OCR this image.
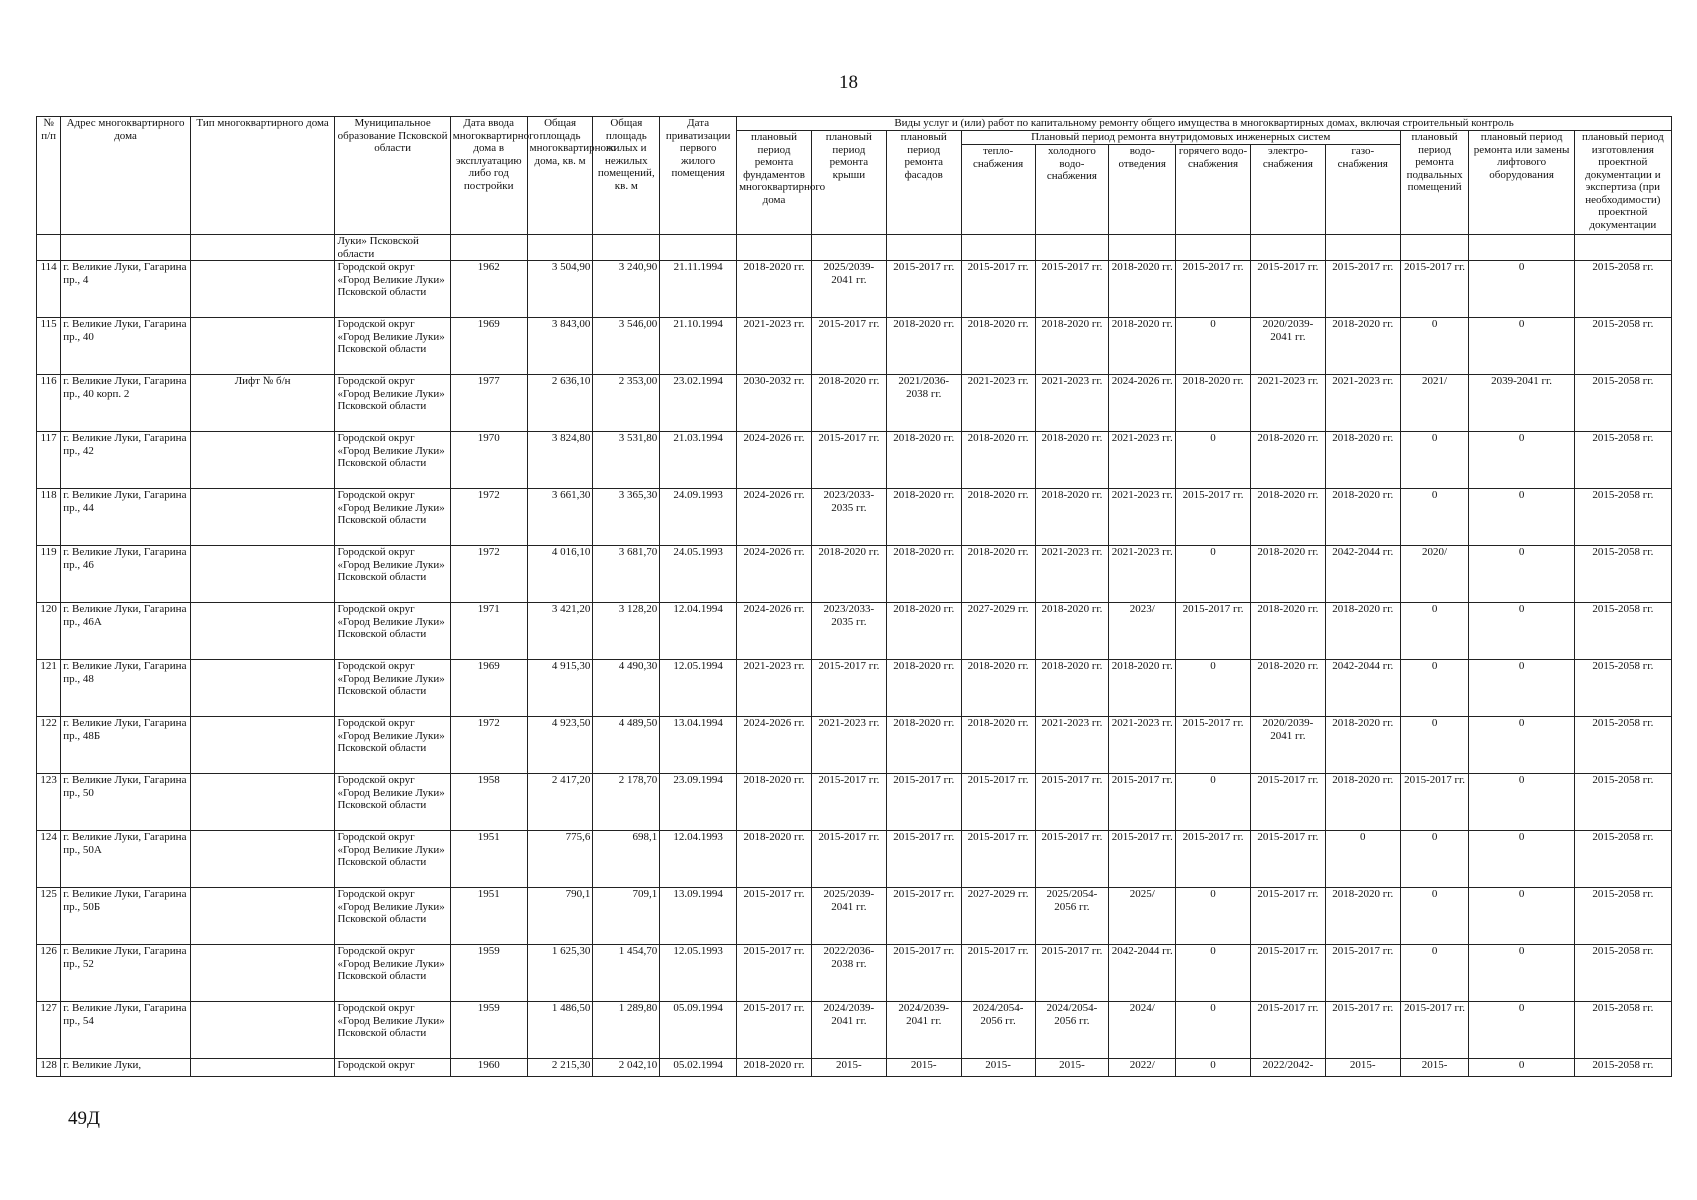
18
№ п/п	Адрес многоквартирного дома	Тип многоквартирного дома	Муниципальное образование Псковской области	Дата ввода многоквартирного дома в эксплуатацию либо год постройки	Общая площадь многоквартирного дома, кв. м	Общая площадь жилых и нежилых помещений, кв. м	Дата приватизации первого жилого помещения	Виды услуг и (или) работ по капитальному ремонту общего имущества в многоквартирных домах, включая строительный контроль											
								плановый период ремонта фундаментов многоквартирного дома	плановый период ремонта крыши	плановый период ремонта фасадов	Плановый период ремонта внутридомовых инженерных систем						плановый период ремонта подвальных помещений	плановый период ремонта или замены лифтового оборудования	плановый период изготовления проектной документации и экспертиза (при необходимости) проектной документации
											тепло-снабжения	холодного водо-снабжения	водо-отведения	горячего водо-снабжения	электро-снабжения	газо-снабжения			
			Луки» Псковской области																
114	г. Великие Луки, Гагарина пр., 4		Городской округ «Город Великие Луки» Псковской области	1962	3 504,90	3 240,90	21.11.1994	2018-2020 гг.	2025/2039-2041 гг.	2015-2017 гг.	2015-2017 гг.	2015-2017 гг.	2018-2020 гг.	2015-2017 гг.	2015-2017 гг.	2015-2017 гг.	2015-2017 гг.	0	2015-2058 гг.
115	г. Великие Луки, Гагарина пр., 40		Городской округ «Город Великие Луки» Псковской области	1969	3 843,00	3 546,00	21.10.1994	2021-2023 гг.	2015-2017 гг.	2018-2020 гг.	2018-2020 гг.	2018-2020 гг.	2018-2020 гг.	0	2020/2039-2041 гг.	2018-2020 гг.	0	0	2015-2058 гг.
116	г. Великие Луки, Гагарина пр., 40 корп. 2	Лифт № б/н	Городской округ «Город Великие Луки» Псковской области	1977	2 636,10	2 353,00	23.02.1994	2030-2032 гг.	2018-2020 гг.	2021/2036-2038 гг.	2021-2023 гг.	2021-2023 гг.	2024-2026 гг.	2018-2020 гг.	2021-2023 гг.	2021-2023 гг.	2021/	2039-2041 гг.	2015-2058 гг.
117	г. Великие Луки, Гагарина пр., 42		Городской округ «Город Великие Луки» Псковской области	1970	3 824,80	3 531,80	21.03.1994	2024-2026 гг.	2015-2017 гг.	2018-2020 гг.	2018-2020 гг.	2018-2020 гг.	2021-2023 гг.	0	2018-2020 гг.	2018-2020 гг.	0	0	2015-2058 гг.
118	г. Великие Луки, Гагарина пр., 44		Городской округ «Город Великие Луки» Псковской области	1972	3 661,30	3 365,30	24.09.1993	2024-2026 гг.	2023/2033-2035 гг.	2018-2020 гг.	2018-2020 гг.	2018-2020 гг.	2021-2023 гг.	2015-2017 гг.	2018-2020 гг.	2018-2020 гг.	0	0	2015-2058 гг.
119	г. Великие Луки, Гагарина пр., 46		Городской округ «Город Великие Луки» Псковской области	1972	4 016,10	3 681,70	24.05.1993	2024-2026 гг.	2018-2020 гг.	2018-2020 гг.	2018-2020 гг.	2021-2023 гг.	2021-2023 гг.	0	2018-2020 гг.	2042-2044 гг.	2020/	0	2015-2058 гг.
120	г. Великие Луки, Гагарина пр., 46А		Городской округ «Город Великие Луки» Псковской области	1971	3 421,20	3 128,20	12.04.1994	2024-2026 гг.	2023/2033-2035 гг.	2018-2020 гг.	2027-2029 гг.	2018-2020 гг.	2023/	2015-2017 гг.	2018-2020 гг.	2018-2020 гг.	0	0	2015-2058 гг.
121	г. Великие Луки, Гагарина пр., 48		Городской округ «Город Великие Луки» Псковской области	1969	4 915,30	4 490,30	12.05.1994	2021-2023 гг.	2015-2017 гг.	2018-2020 гг.	2018-2020 гг.	2018-2020 гг.	2018-2020 гг.	0	2018-2020 гг.	2042-2044 гг.	0	0	2015-2058 гг.
122	г. Великие Луки, Гагарина пр., 48Б		Городской округ «Город Великие Луки» Псковской области	1972	4 923,50	4 489,50	13.04.1994	2024-2026 гг.	2021-2023 гг.	2018-2020 гг.	2018-2020 гг.	2021-2023 гг.	2021-2023 гг.	2015-2017 гг.	2020/2039-2041 гг.	2018-2020 гг.	0	0	2015-2058 гг.
123	г. Великие Луки, Гагарина пр., 50		Городской округ «Город Великие Луки» Псковской области	1958	2 417,20	2 178,70	23.09.1994	2018-2020 гг.	2015-2017 гг.	2015-2017 гг.	2015-2017 гг.	2015-2017 гг.	2015-2017 гг.	0	2015-2017 гг.	2018-2020 гг.	2015-2017 гг.	0	2015-2058 гг.
124	г. Великие Луки, Гагарина пр., 50А		Городской округ «Город Великие Луки» Псковской области	1951	775,6	698,1	12.04.1993	2018-2020 гг.	2015-2017 гг.	2015-2017 гг.	2015-2017 гг.	2015-2017 гг.	2015-2017 гг.	2015-2017 гг.	2015-2017 гг.	0	0	0	2015-2058 гг.
125	г. Великие Луки, Гагарина пр., 50Б		Городской округ «Город Великие Луки» Псковской области	1951	790,1	709,1	13.09.1994	2015-2017 гг.	2025/2039-2041 гг.	2015-2017 гг.	2027-2029 гг.	2025/2054-2056 гг.	2025/	0	2015-2017 гг.	2018-2020 гг.	0	0	2015-2058 гг.
126	г. Великие Луки, Гагарина пр., 52		Городской округ «Город Великие Луки» Псковской области	1959	1 625,30	1 454,70	12.05.1993	2015-2017 гг.	2022/2036-2038 гг.	2015-2017 гг.	2015-2017 гг.	2015-2017 гг.	2042-2044 гг.	0	2015-2017 гг.	2015-2017 гг.	0	0	2015-2058 гг.
127	г. Великие Луки, Гагарина пр., 54		Городской округ «Город Великие Луки» Псковской области	1959	1 486,50	1 289,80	05.09.1994	2015-2017 гг.	2024/2039-2041 гг.	2024/2039-2041 гг.	2024/2054-2056 гг.	2024/2054-2056 гг.	2024/	0	2015-2017 гг.	2015-2017 гг.	2015-2017 гг.	0	2015-2058 гг.
128	г. Великие Луки,		Городской округ	1960	2 215,30	2 042,10	05.02.1994	2018-2020 гг.	2015-	2015-	2015-	2015-	2022/	0	2022/2042-	2015-	2015-	0	2015-2058 гг.
49Д
